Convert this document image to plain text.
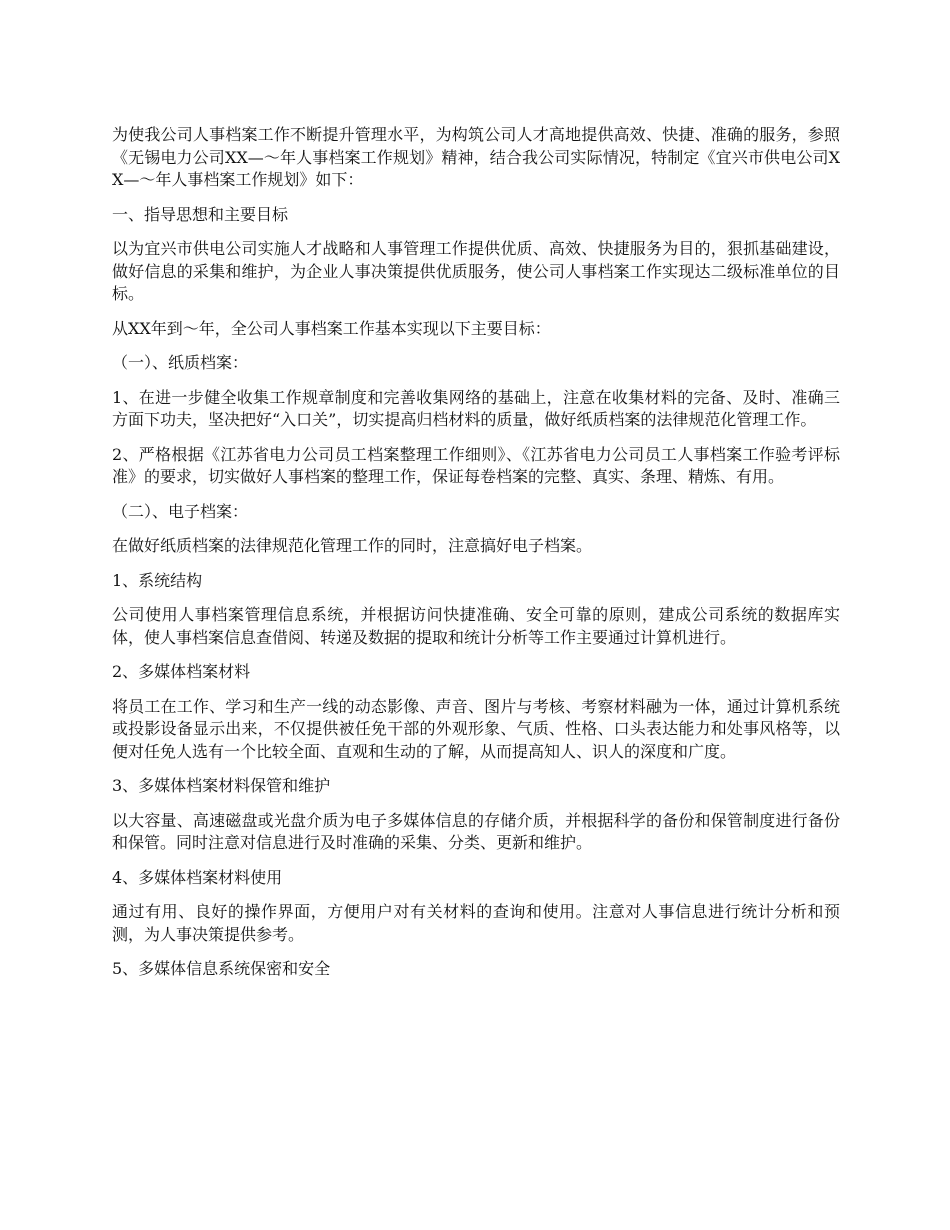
为使我公司人事档案工作不断提升管理水平，为构筑公司人才高地提供高效、快捷、准确的服务，参照《无锡电力公司XX—～年人事档案工作规划》精神，结合我公司实际情况，特制定《宜兴市供电公司XX—～年人事档案工作规划》如下：

一、指导思想和主要目标

以为宜兴市供电公司实施人才战略和人事管理工作提供优质、高效、快捷服务为目的，狠抓基础建设，做好信息的采集和维护，为企业人事决策提供优质服务，使公司人事档案工作实现达二级标准单位的目标。

从XX年到～年，全公司人事档案工作基本实现以下主要目标：

（一）、纸质档案：

1、在进一步健全收集工作规章制度和完善收集网络的基础上，注意在收集材料的完备、及时、准确三方面下功夫，坚决把好“入口关”，切实提高归档材料的质量，做好纸质档案的法律规范化管理工作。

2、严格根据《江苏省电力公司员工档案整理工作细则》、《江苏省电力公司员工人事档案工作验考评标准》的要求，切实做好人事档案的整理工作，保证每卷档案的完整、真实、条理、精炼、有用。

（二）、电子档案：

在做好纸质档案的法律规范化管理工作的同时，注意搞好电子档案。

1、系统结构

公司使用人事档案管理信息系统，并根据访问快捷准确、安全可靠的原则，建成公司系统的数据库实体，使人事档案信息查借阅、转递及数据的提取和统计分析等工作主要通过计算机进行。

2、多媒体档案材料

将员工在工作、学习和生产一线的动态影像、声音、图片与考核、考察材料融为一体，通过计算机系统或投影设备显示出来，不仅提供被任免干部的外观形象、气质、性格、口头表达能力和处事风格等，以便对任免人选有一个比较全面、直观和生动的了解，从而提高知人、识人的深度和广度。

3、多媒体档案材料保管和维护

以大容量、高速磁盘或光盘介质为电子多媒体信息的存储介质，并根据科学的备份和保管制度进行备份和保管。同时注意对信息进行及时准确的采集、分类、更新和维护。

4、多媒体档案材料使用

通过有用、良好的操作界面，方便用户对有关材料的查询和使用。注意对人事信息进行统计分析和预测，为人事决策提供参考。

5、多媒体信息系统保密和安全
